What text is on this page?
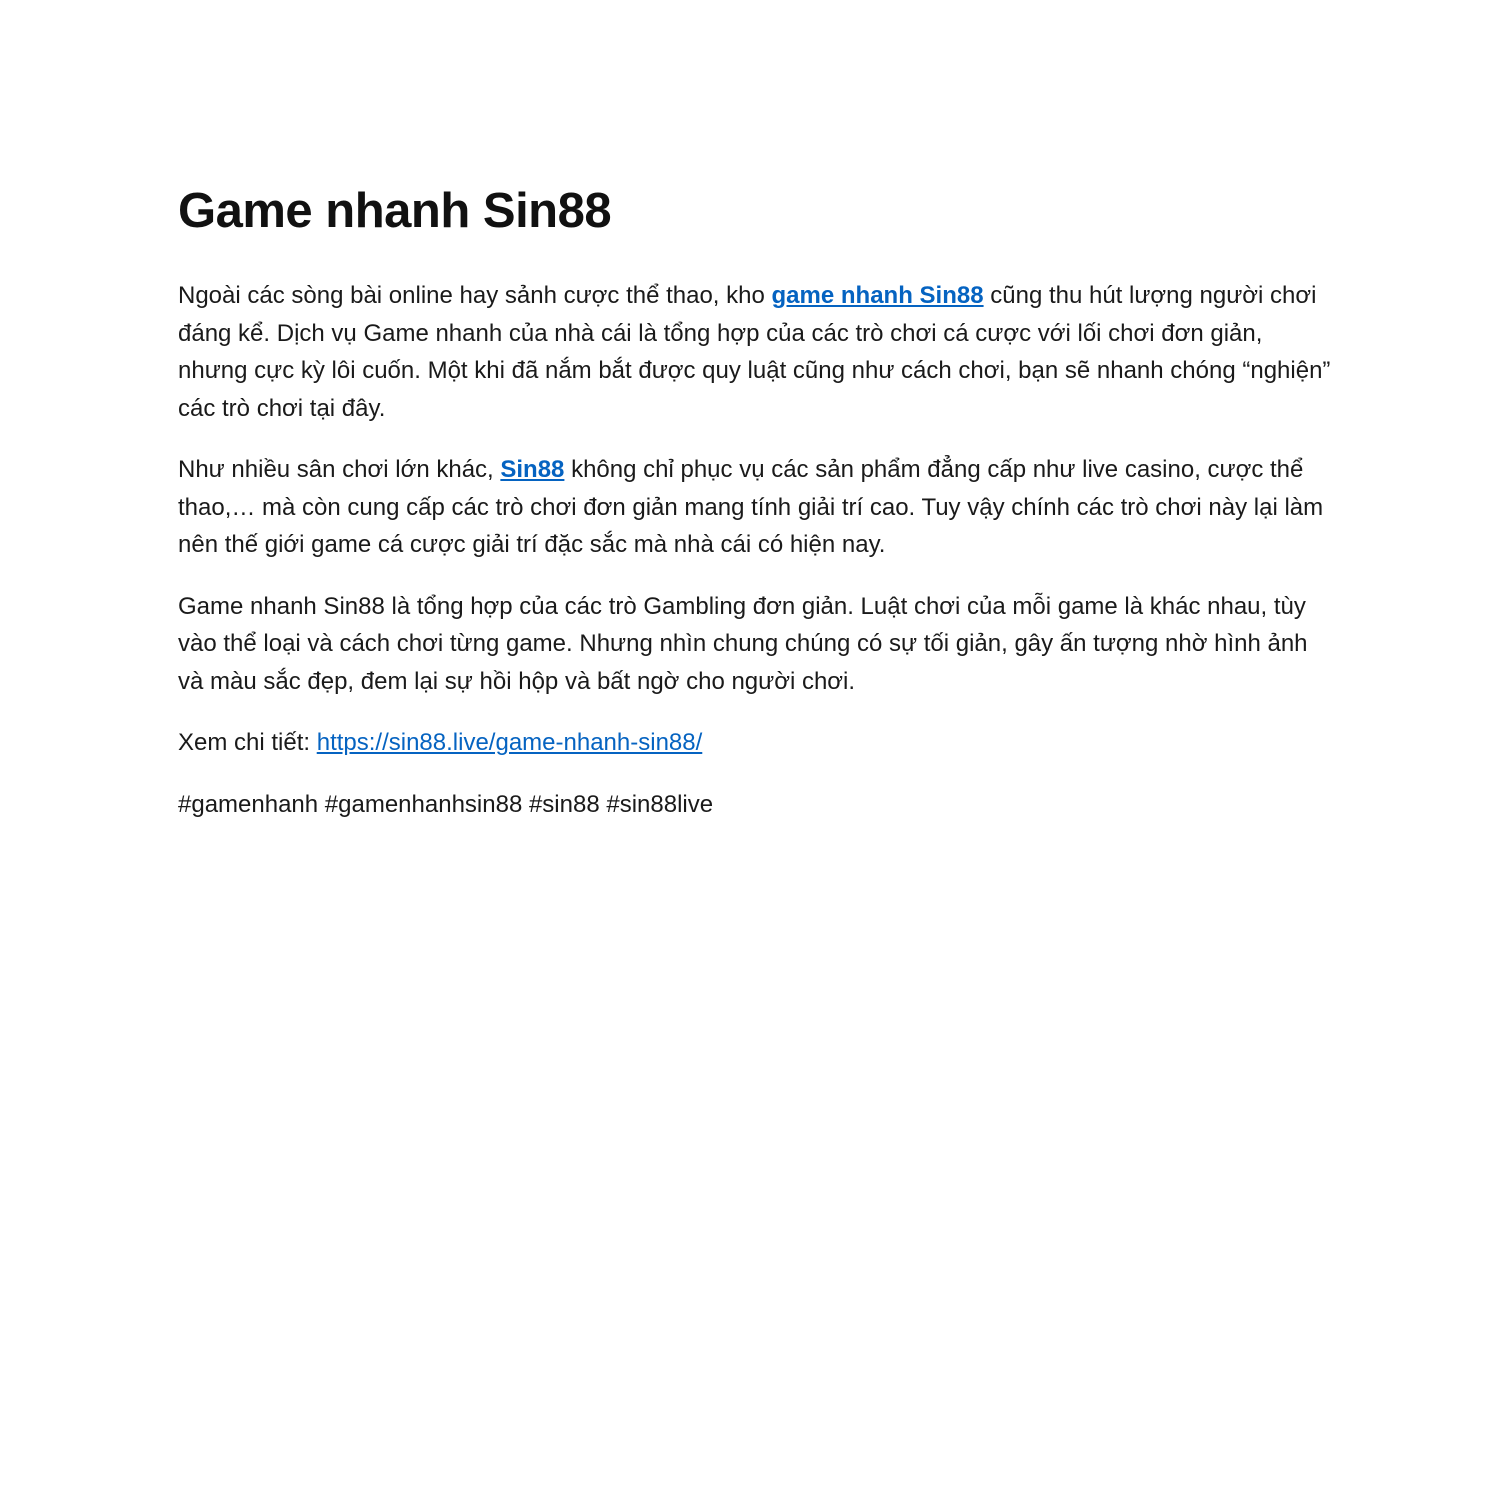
Game nhanh Sin88

Ngoài các sòng bài online hay sảnh cược thể thao, kho game nhanh Sin88 cũng thu hút lượng người chơi đáng kể. Dịch vụ Game nhanh của nhà cái là tổng hợp của các trò chơi cá cược với lối chơi đơn giản, nhưng cực kỳ lôi cuốn. Một khi đã nắm bắt được quy luật cũng như cách chơi, bạn sẽ nhanh chóng “nghiện” các trò chơi tại đây.

Như nhiều sân chơi lớn khác, Sin88 không chỉ phục vụ các sản phẩm đẳng cấp như live casino, cược thể thao,… mà còn cung cấp các trò chơi đơn giản mang tính giải trí cao. Tuy vậy chính các trò chơi này lại làm nên thế giới game cá cược giải trí đặc sắc mà nhà cái có hiện nay.

Game nhanh Sin88 là tổng hợp của các trò Gambling đơn giản. Luật chơi của mỗi game là khác nhau, tùy vào thể loại và cách chơi từng game. Nhưng nhìn chung chúng có sự tối giản, gây ấn tượng nhờ hình ảnh và màu sắc đẹp, đem lại sự hồi hộp và bất ngờ cho người chơi.

Xem chi tiết: https://sin88.live/game-nhanh-sin88/

#gamenhanh #gamenhanhsin88 #sin88 #sin88live
